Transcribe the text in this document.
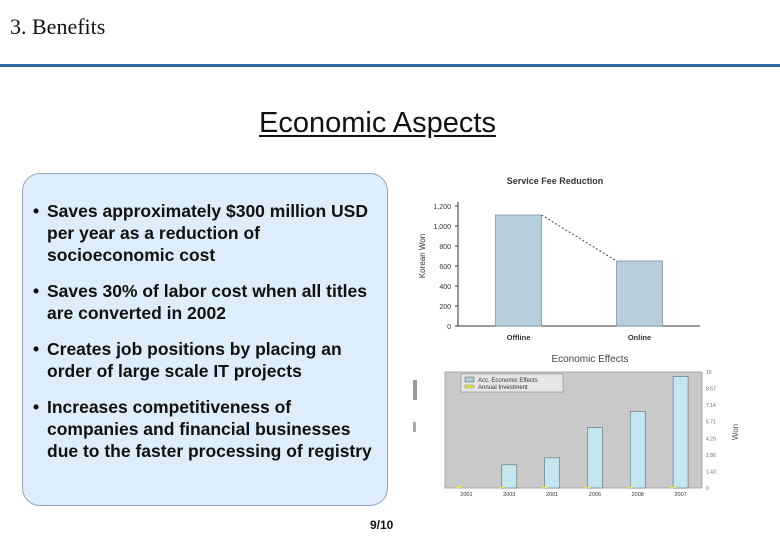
3. Benefits
Economic Aspects
• Saves approximately $300 million USD per year as a reduction of socioeconomic cost
• Saves 30% of labor cost when all titles are converted in 2002
• Creates job positions by placing an order of large scale IT projects
• Increases competitiveness of companies and financial businesses due to the faster processing of registry
Service Fee Reduction
Korean Won
0
200
400
600
800
1,000
1,200
Offline	Online
Economic Effects
Won
Acc. Economic Effects
Annual Investment
0
1.43
2.86
4.29
5.71
7.14
8.57
10
2001	2003	2001	2006	2008	2007
9/10
